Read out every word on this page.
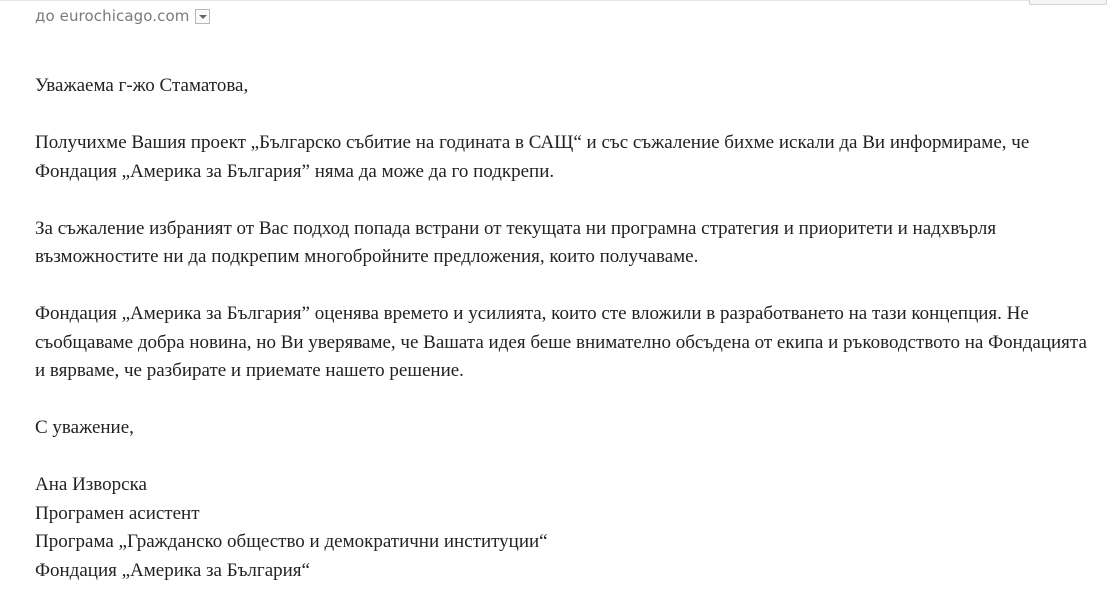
до eurochicago.com

Уважаема г-жо Стаматова,

Получихме Вашия проект „Българско събитие на годината в САЩ“ и със съжаление бихме искали да Ви информираме, че Фондация „Америка за България” няма да може да го подкрепи.

За съжаление избраният от Вас подход попада встрани от текущата ни програмна стратегия и приоритети и надхвърля възможностите ни да подкрепим многобройните предложения, които получаваме.

Фондация „Америка за България” оценява времето и усилията, които сте вложили в разработването на тази концепция. Не съобщаваме добра новина, но Ви уверяваме, че Вашата идея беше внимателно обсъдена от екипа и ръководството на Фондацията и вярваме, че разбирате и приемате нашето решение.

С уважение,

Ана Изворска

Програмен асистент

Програма „Гражданско общество и демократични институции“

Фондация „Америка за България“
